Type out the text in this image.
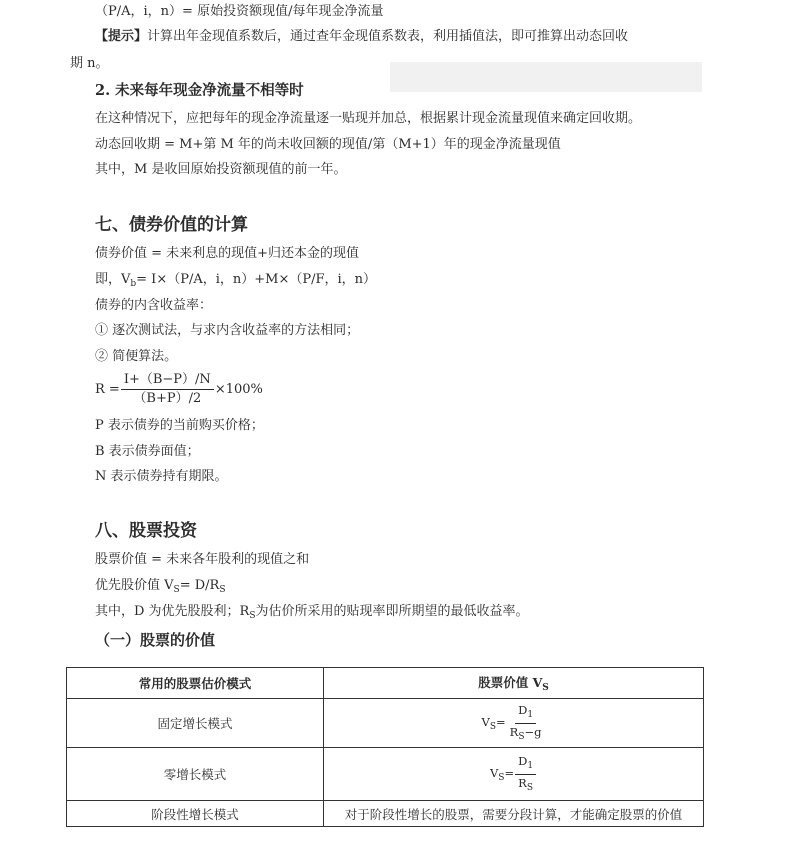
（P/A，i，n）= 原始投资额现值/每年现金净流量
【提示】计算出年金现值系数后，通过查年金现值系数表，利用插值法，即可推算出动态回收
期 n。
2. 未来每年现金净流量不相等时
在这种情况下，应把每年的现金净流量逐一贴现并加总，根据累计现金流量现值来确定回收期。
动态回收期 = M+第 M 年的尚未收回额的现值/第（M+1）年的现金净流量现值
其中，M 是收回原始投资额现值的前一年。
七、债券价值的计算
债券价值 = 未来利息的现值+归还本金的现值
即，$V_b= I\times(P/A$，i，n）+M×（P/F，i，n）
债券的内含收益率：
① 逐次测试法，与求内含收益率的方法相同；
② 简便算法。
$R = \frac{I+(B-P)/N}{(B+P)/2} \times 100\%$
P 表示债券的当前购买价格；
B 表示债券面值；
N 表示债券持有期限。
八、股票投资
股票价值 = 未来各年股利的现值之和
优先股价值 $V_S= D/R_S$
其中，D 为优先股股利；$R_S$为估价所采用的贴现率即所期望的最低收益率。
（一）股票的价值
常用的股票估价模式	股票价值 $V_S$
固定增长模式	$V_S= \frac{D_1}{R_S-g}$

零增长模式	$V_S= \frac{D_1}{R_S}$

阶段性增长模式	对于阶段性增长的股票，需要分段计算，才能确定股票的价值
